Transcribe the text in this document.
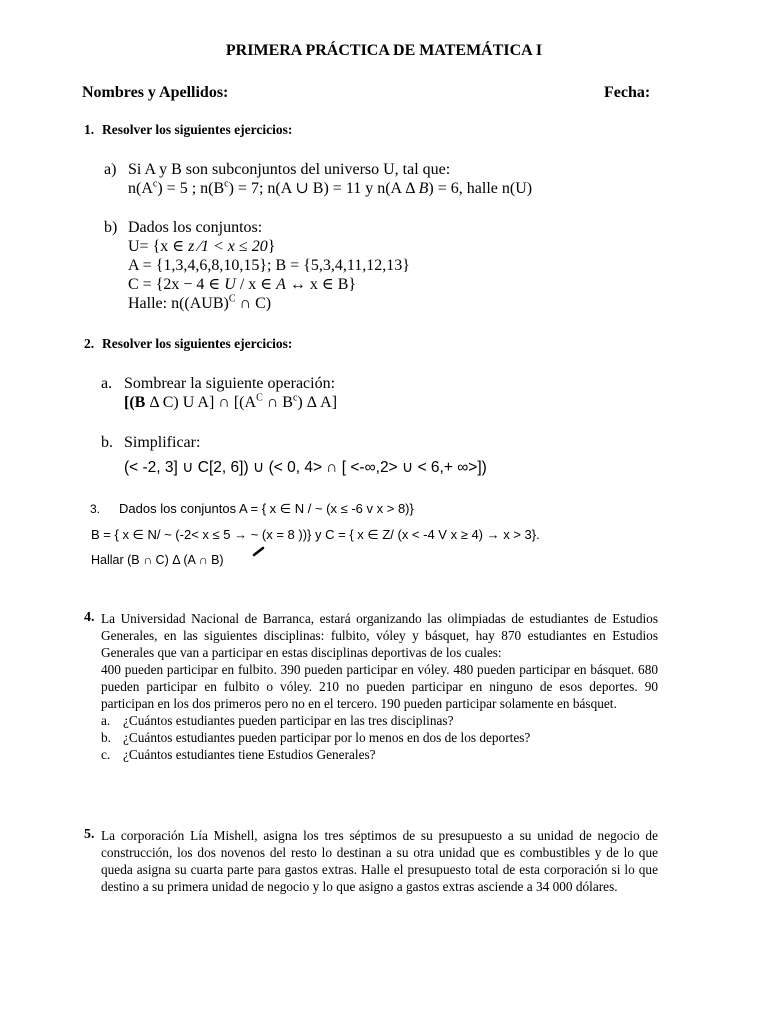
PRIMERA PRÁCTICA DE MATEMÁTICA I
Nombres y Apellidos:	Fecha:
1. Resolver los siguientes ejercicios:
a) Si A y B son subconjuntos del universo U, tal que:
$n(A^c) = 5$ ; $n(B^c) = 7$; n(A ∪ B) = 11 y n(A Δ B) = 6, halle n(U)
b) Dados los conjuntos:
U= {x ∈ z ∕1 < x ≤ 20}
A = {1,3,4,6,8,10,15}; B = {5,3,4,11,12,13}
C = {2x − 4 ∈ U / x ∈ A ↔ x ∈ B}
Halle: n((AUB)$^C$ ∩ C)
2. Resolver los siguientes ejercicios:
a. Sombrear la siguiente operación:
[(B Δ C) U A] ∩ [($A^C$ ∩ $B^c$) Δ A]
b. Simplificar:
(< -2, 3] ∪ C[2, 6]) ∪ (< 0, 4> ∩ [ <-∞,2> ∪ < 6,+ ∞>])
3. Dados los conjuntos A = { x ∈ N / ~ (x ≤ -6 v x > 8)}
B = { x ∈ N/ ~ (-2< x ≤ 5 → ~ (x = 8 ))} y C = { x ∈ Z/ (x < -4 V x ≥ 4) → x > 3}.
Hallar (B ∩ C) Δ (A ∩ B)
4. La Universidad Nacional de Barranca, estará organizando las olimpiadas de estudiantes de Estudios Generales, en las siguientes disciplinas: fulbito, vóley y básquet, hay 870 estudiantes en Estudios Generales que van a participar en estas disciplinas deportivas de los cuales:
400 pueden participar en fulbito. 390 pueden participar en vóley. 480 pueden participar en básquet. 680 pueden participar en fulbito o vóley. 210 no pueden participar en ninguno de esos deportes. 90 participan en los dos primeros pero no en el tercero. 190 pueden participar solamente en básquet.
a. ¿Cuántos estudiantes pueden participar en las tres disciplinas?
b. ¿Cuántos estudiantes pueden participar por lo menos en dos de los deportes?
c. ¿Cuántos estudiantes tiene Estudios Generales?
5. La corporación Lía Mishell, asigna los tres séptimos de su presupuesto a su unidad de negocio de construcción, los dos novenos del resto lo destinan a su otra unidad que es combustibles y de lo que queda asigna su cuarta parte para gastos extras. Halle el presupuesto total de esta corporación si lo que destino a su primera unidad de negocio y lo que asigno a gastos extras asciende a 34 000 dólares.
